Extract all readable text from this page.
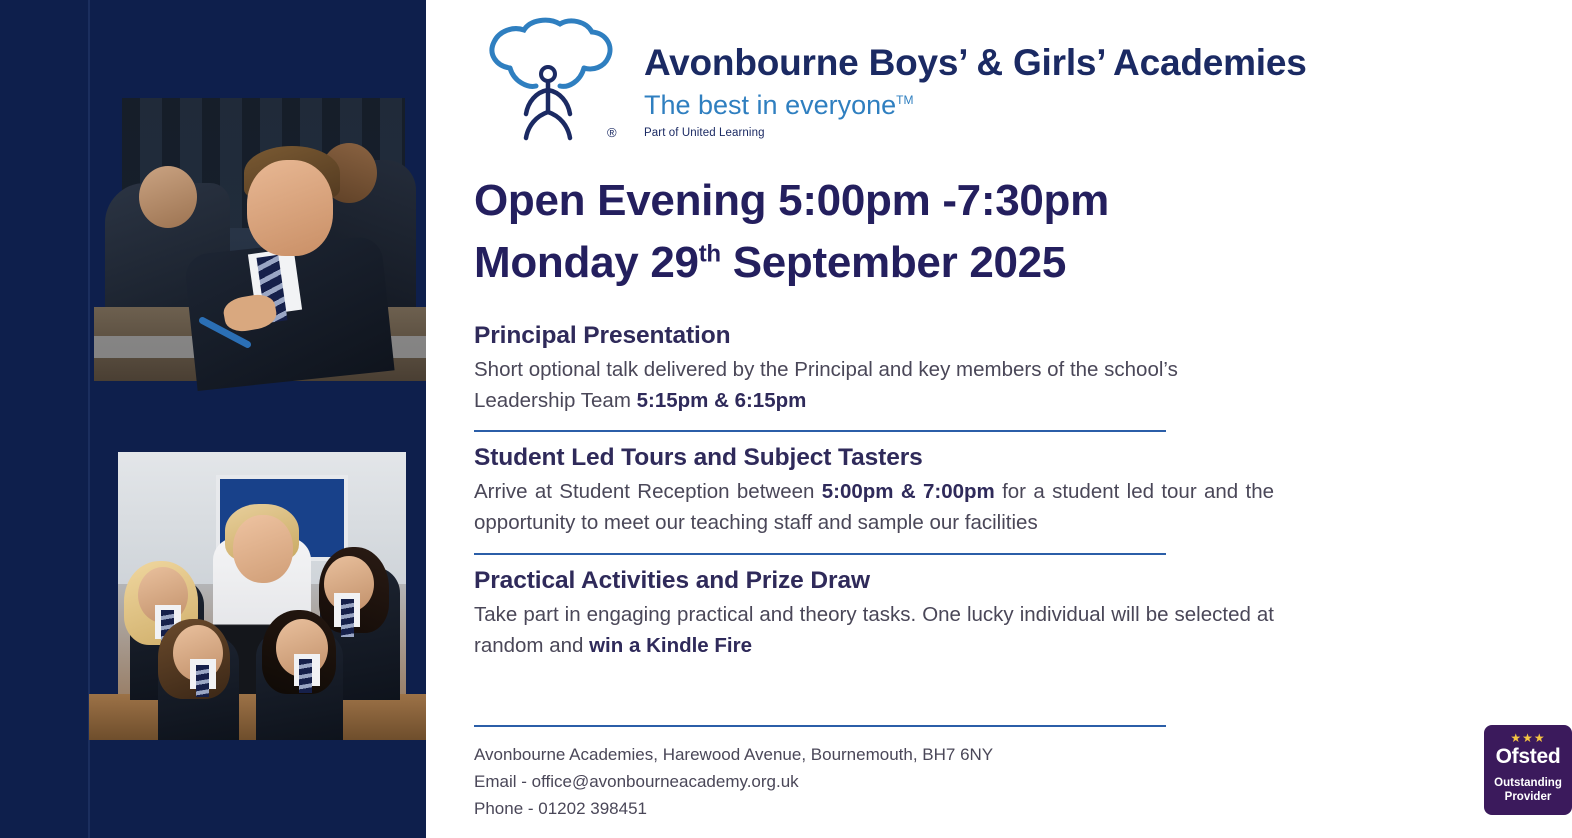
®
Avonbourne Boys’ & Girls’ Academies
The best in everyone™
Part of United Learning
Open Evening 5:00pm -7:30pm
Monday 29th September 2025
Principal Presentation

Short optional talk delivered by the Principal and key members of the school’s Leadership Team 5:15pm & 6:15pm

Student Led Tours and Subject Tasters

Arrive at Student Reception between 5:00pm & 7:00pm for a student led tour and the opportunity to meet our teaching staff and sample our facilities

Practical Activities and Prize Draw

Take part in engaging practical and theory tasks. One lucky individual will be selected at random and win a Kindle Fire

Avonbourne Academies, Harewood Avenue, Bournemouth, BH7 6NY
Email - office@avonbourneacademy.org.uk
Phone - 01202 398451
★★★
Ofsted
Outstanding
Provider
